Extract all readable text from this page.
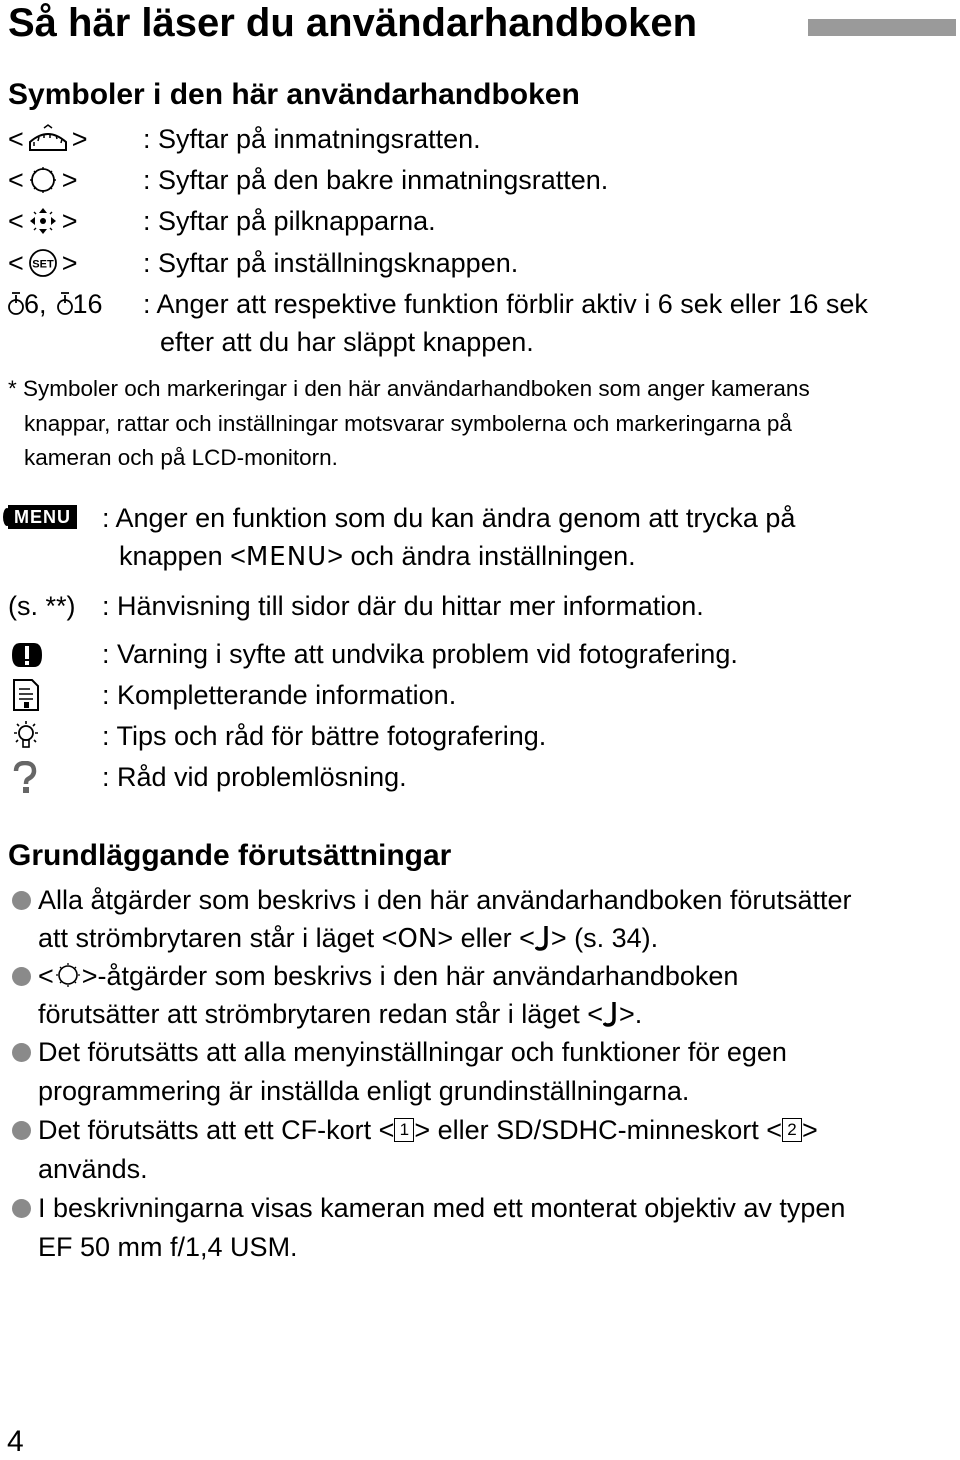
Så här läser du användarhandboken
Symboler i den här användarhandboken
< > : Syftar på inmatningsratten.
< > : Syftar på den bakre inmatningsratten.
< > : Syftar på pilknapparna.
< SET > : Syftar på inställningsknappen.
6, 16 : Anger att respektive funktion förblir aktiv i 6 sek eller 16 sek
efter att du har släppt knappen.
* Symboler och markeringar i den här användarhandboken som anger kamerans
knappar, rattar och inställningar motsvarar symbolerna och markeringarna på
kameran och på LCD-monitorn.
MENU : Anger en funktion som du kan ändra genom att trycka på
knappen <MENU> och ändra inställningen.
(s. **) : Hänvisning till sidor där du hittar mer information.
: Varning i syfte att undvika problem vid fotografering.
: Kompletterande information.
: Tips och råd för bättre fotografering.
: Råd vid problemlösning.
Grundläggande förutsättningar
Alla åtgärder som beskrivs i den här användarhandboken förutsätter
att strömbrytaren står i läget <ON> eller < > (s. 34).
< >-åtgärder som beskrivs i den här användarhandboken
förutsätter att strömbrytaren redan står i läget < >.
Det förutsätts att alla menyinställningar och funktioner för egen
programmering är inställda enligt grundinställningarna.
Det förutsätts att ett CF-kort < 1 > eller SD/SDHC-minneskort < 2 >
används.
I beskrivningarna visas kameran med ett monterat objektiv av typen
EF 50 mm f/1,4 USM.
4
